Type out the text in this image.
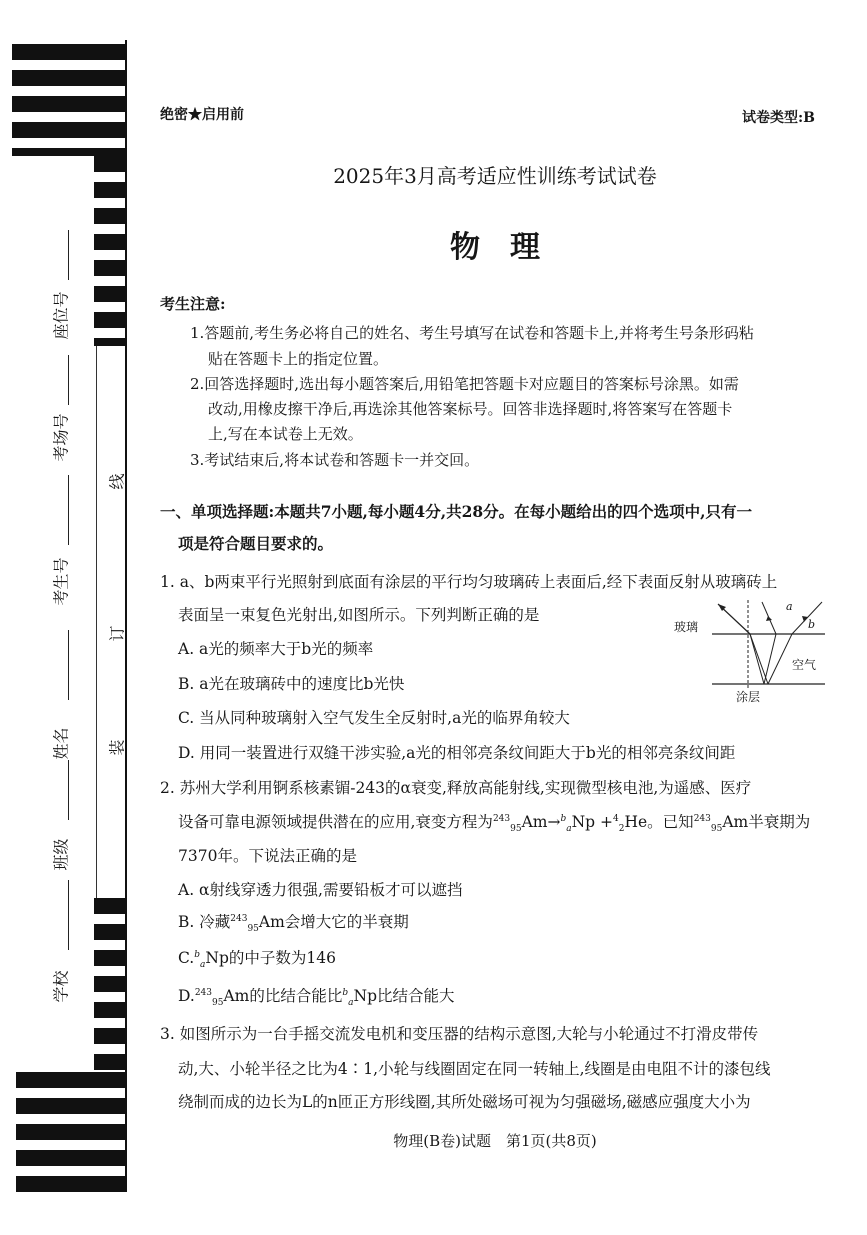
座位号
考场号
考生号
姓名
班级
学校
线
订
装
绝密★启用前	试卷类型:B
2025年3月高考适应性训练考试试卷
物　理
考生注意:
1.答题前,考生务必将自己的姓名、考生号填写在试卷和答题卡上,并将考生号条形码粘
贴在答题卡上的指定位置。
2.回答选择题时,选出每小题答案后,用铅笔把答题卡对应题目的答案标号涂黑。如需
改动,用橡皮擦干净后,再选涂其他答案标号。回答非选择题时,将答案写在答题卡
上,写在本试卷上无效。
3.考试结束后,将本试卷和答题卡一并交回。
一、单项选择题:本题共7小题,每小题4分,共28分。在每小题给出的四个选项中,只有一
项是符合题目要求的。
1. a、b两束平行光照射到底面有涂层的平行均匀玻璃砖上表面后,经下表面反射从玻璃砖上
表面呈一束复色光射出,如图所示。下列判断正确的是
A. a光的频率大于b光的频率
B. a光在玻璃砖中的速度比b光快
C. 当从同种玻璃射入空气发生全反射时,a光的临界角较大
D. 用同一装置进行双缝干涉实验,a光的相邻亮条纹间距大于b光的相邻亮条纹间距
玻璃
空气
涂层
a
b
2. 苏州大学利用锕系核素镅-243的α衰变,释放高能射线,实现微型核电池,为遥感、医疗
设备可靠电源领域提供潜在的应用,衰变方程为$^{243}_{95}$Am→$^b_a$Np +$^4_2$He。已知$^{243}_{95}$Am半衰期为
7370年。下说法正确的是
A. α射线穿透力很强,需要铅板才可以遮挡
B. 冷藏$^{243}_{95}$Am会增大它的半衰期
C.$^b_a$Np的中子数为146
D.$^{243}_{95}$Am的比结合能比$^b_a$Np比结合能大
3. 如图所示为一台手摇交流发电机和变压器的结构示意图,大轮与小轮通过不打滑皮带传
动,大、小轮半径之比为4∶1,小轮与线圈固定在同一转轴上,线圈是由电阻不计的漆包线
绕制而成的边长为L的n匝正方形线圈,其所处磁场可视为匀强磁场,磁感应强度大小为
物理(B卷)试题　第1页(共8页)
